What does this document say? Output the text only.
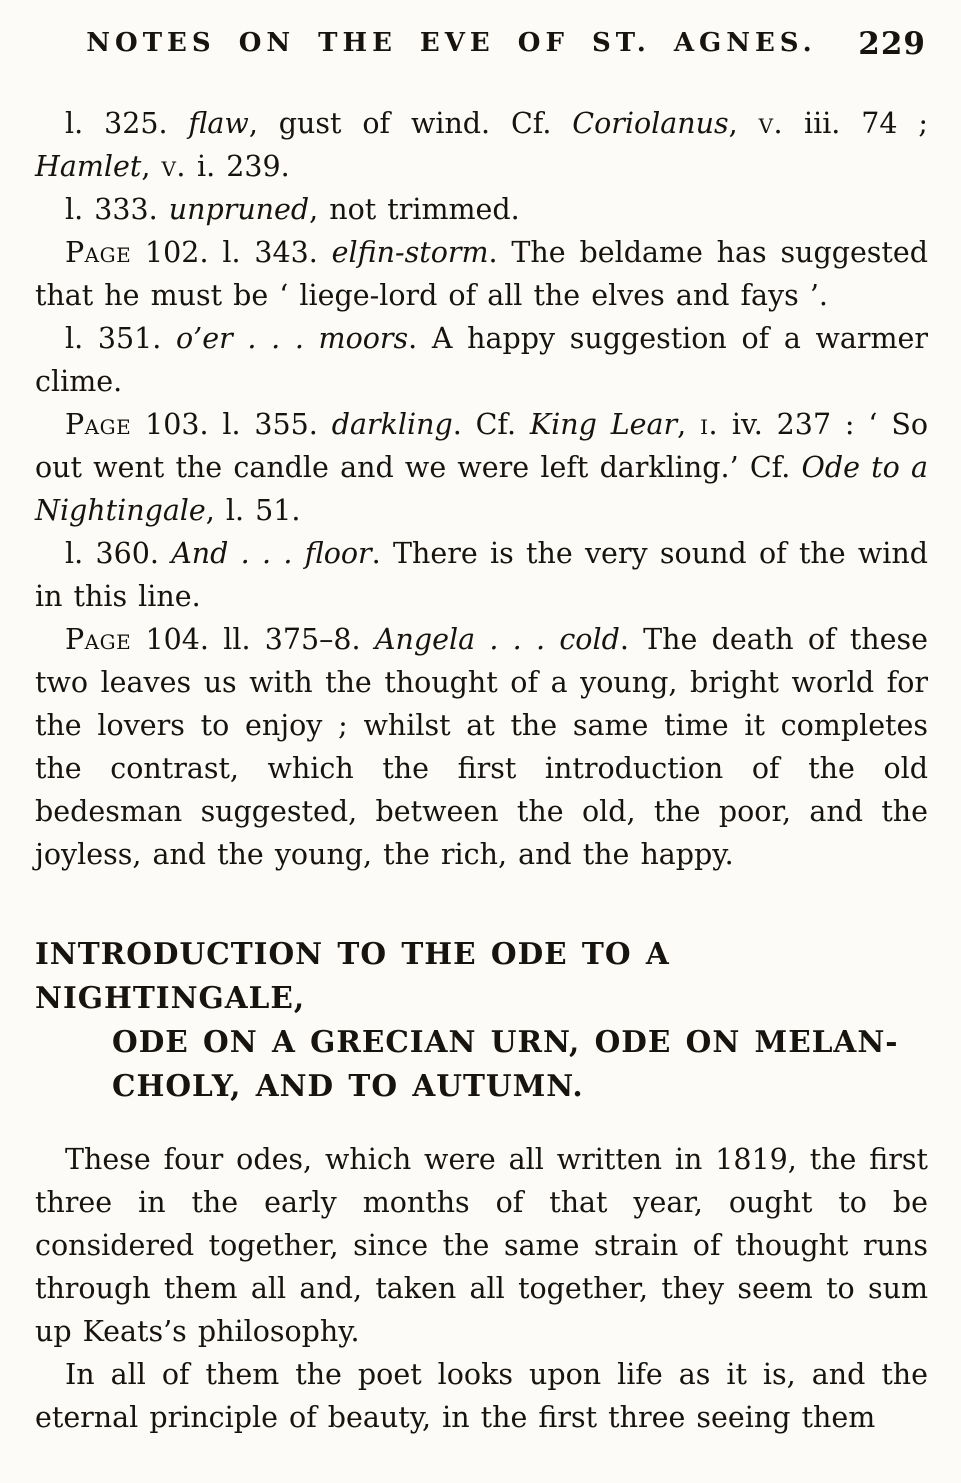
NOTES ON THE EVE OF ST. AGNES.	229

l. 325. flaw, gust of wind. Cf. Coriolanus, v. iii. 74 ; Hamlet, v. i. 239.

l. 333. unpruned, not trimmed.

Page 102. l. 343. elfin-storm. The beldame has suggested that he must be ‘ liege-lord of all the elves and fays ’.

l. 351. o’er . . . moors. A happy suggestion of a warmer clime.

Page 103. l. 355. darkling. Cf. King Lear, i. iv. 237 : ‘ So out went the candle and we were left darkling.’ Cf. Ode to a Nightingale, l. 51.

l. 360. And . . . floor. There is the very sound of the wind in this line.

Page 104. ll. 375–8. Angela . . . cold. The death of these two leaves us with the thought of a young, bright world for the lovers to enjoy ; whilst at the same time it completes the contrast, which the first introduction of the old bedesman suggested, between the old, the poor, and the joyless, and the young, the rich, and the happy.

INTRODUCTION TO THE ODE TO A NIGHTINGALE,
ODE ON A GRECIAN URN, ODE ON MELAN-
CHOLY, AND TO AUTUMN.

These four odes, which were all written in 1819, the first three in the early months of that year, ought to be considered together, since the same strain of thought runs through them all and, taken all together, they seem to sum up Keats’s philosophy.

In all of them the poet looks upon life as it is, and the eternal principle of beauty, in the first three seeing them
